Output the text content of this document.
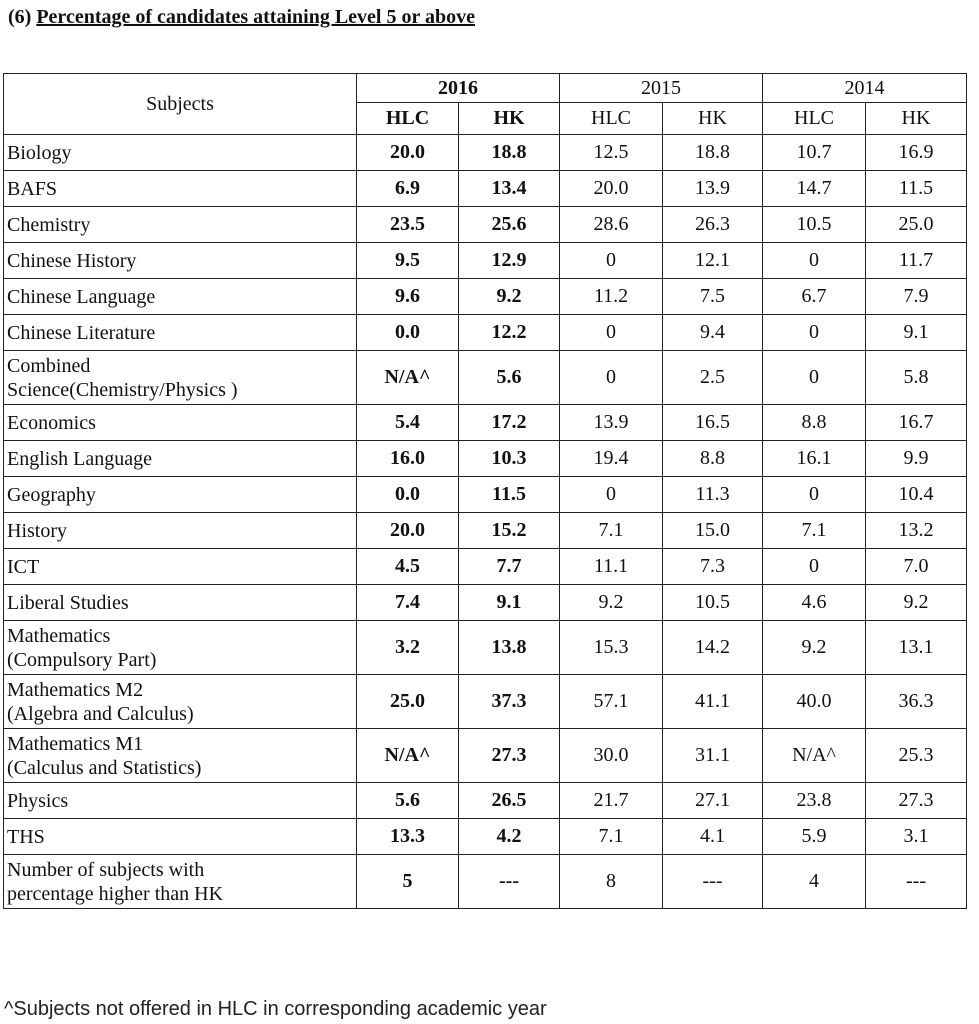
(6) Percentage of candidates attaining Level 5 or above
Subjects	2016		2015		2014	
	HLC	HK	HLC	HK	HLC	HK
Biology	20.0	18.8	12.5	18.8	10.7	16.9
BAFS	6.9	13.4	20.0	13.9	14.7	11.5
Chemistry	23.5	25.6	28.6	26.3	10.5	25.0
Chinese History	9.5	12.9	0	12.1	0	11.7
Chinese Language	9.6	9.2	11.2	7.5	6.7	7.9
Chinese Literature	0.0	12.2	0	9.4	0	9.1
Combined
Science(Chemistry/Physics )	N/A^	5.6	0	2.5	0	5.8
Economics	5.4	17.2	13.9	16.5	8.8	16.7
English Language	16.0	10.3	19.4	8.8	16.1	9.9
Geography	0.0	11.5	0	11.3	0	10.4
History	20.0	15.2	7.1	15.0	7.1	13.2
ICT	4.5	7.7	11.1	7.3	0	7.0
Liberal Studies	7.4	9.1	9.2	10.5	4.6	9.2
Mathematics
(Compulsory Part)	3.2	13.8	15.3	14.2	9.2	13.1
Mathematics M2
(Algebra and Calculus)	25.0	37.3	57.1	41.1	40.0	36.3
Mathematics M1
(Calculus and Statistics)	N/A^	27.3	30.0	31.1	N/A^	25.3
Physics	5.6	26.5	21.7	27.1	23.8	27.3
THS	13.3	4.2	7.1	4.1	5.9	3.1
Number of subjects with
percentage higher than HK	5	---	8	---	4	---
^Subjects not offered in HLC in corresponding academic year
